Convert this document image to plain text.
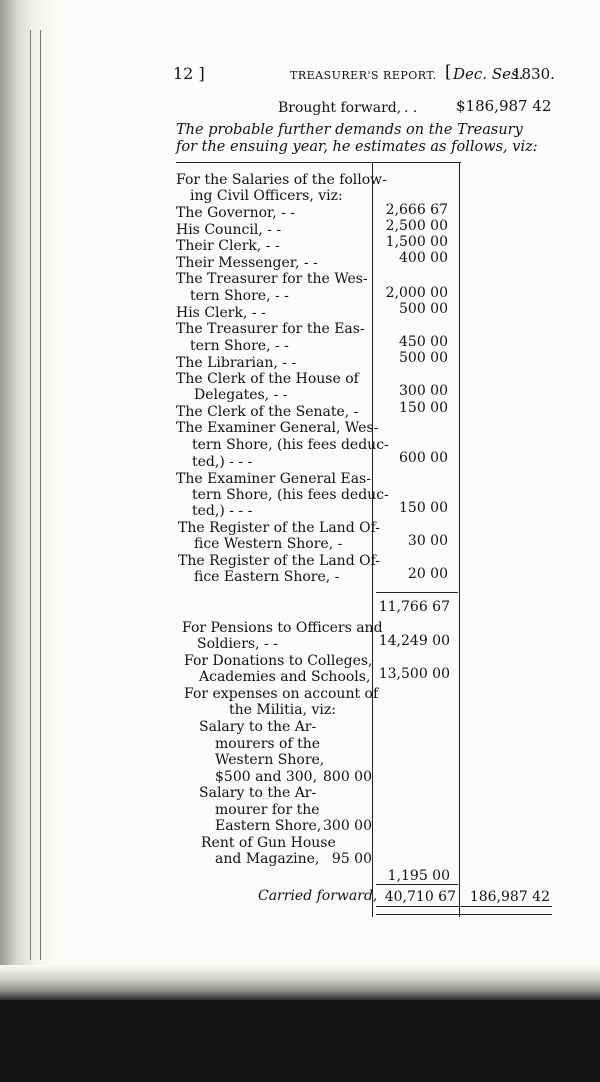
12 ]	TREASURER'S REPORT. [ Dec. Ses.
1830.
Brought forward, . .	$186,987 42
The probable further demands on the Treasury
for the ensuing year, he estimates as follows, viz:
For the Salaries of the follow-
ing Civil Officers, viz:
The Governor, - -	2,666 67
His Council, - -	2,500 00
Their Clerk, - -	1,500 00
Their Messenger, - -	400 00
The Treasurer for the Wes-
tern Shore, - -	2,000 00
His Clerk, - -	500 00
The Treasurer for the Eas-
tern Shore, - -	450 00
The Librarian, - -	500 00
The Clerk of the House of
Delegates, - -	300 00
The Clerk of the Senate, -	150 00
The Examiner General, Wes-
tern Shore, (his fees deduc-
ted,) - - -	600 00
The Examiner General Eas-
tern Shore, (his fees deduc-
ted,) - - -	150 00
The Register of the Land Of-
fice Western Shore, -	30 00
The Register of the Land Of-
fice Eastern Shore, -	20 00
11,766 67
For Pensions to Officers and
Soldiers, - -	14,249 00
For Donations to Colleges,
Academies and Schools, 13,500 00
For expenses on account of
the Militia, viz:
Salary to the Ar-
mourers of the
Western Shore,
$500 and 300, 800 00
Salary to the Ar-
mourer for the
Eastern Shore, 300 00
Rent of Gun House
and Magazine, 95 00
1,195 00
Carried forward, 40,710 67 186,987 42
